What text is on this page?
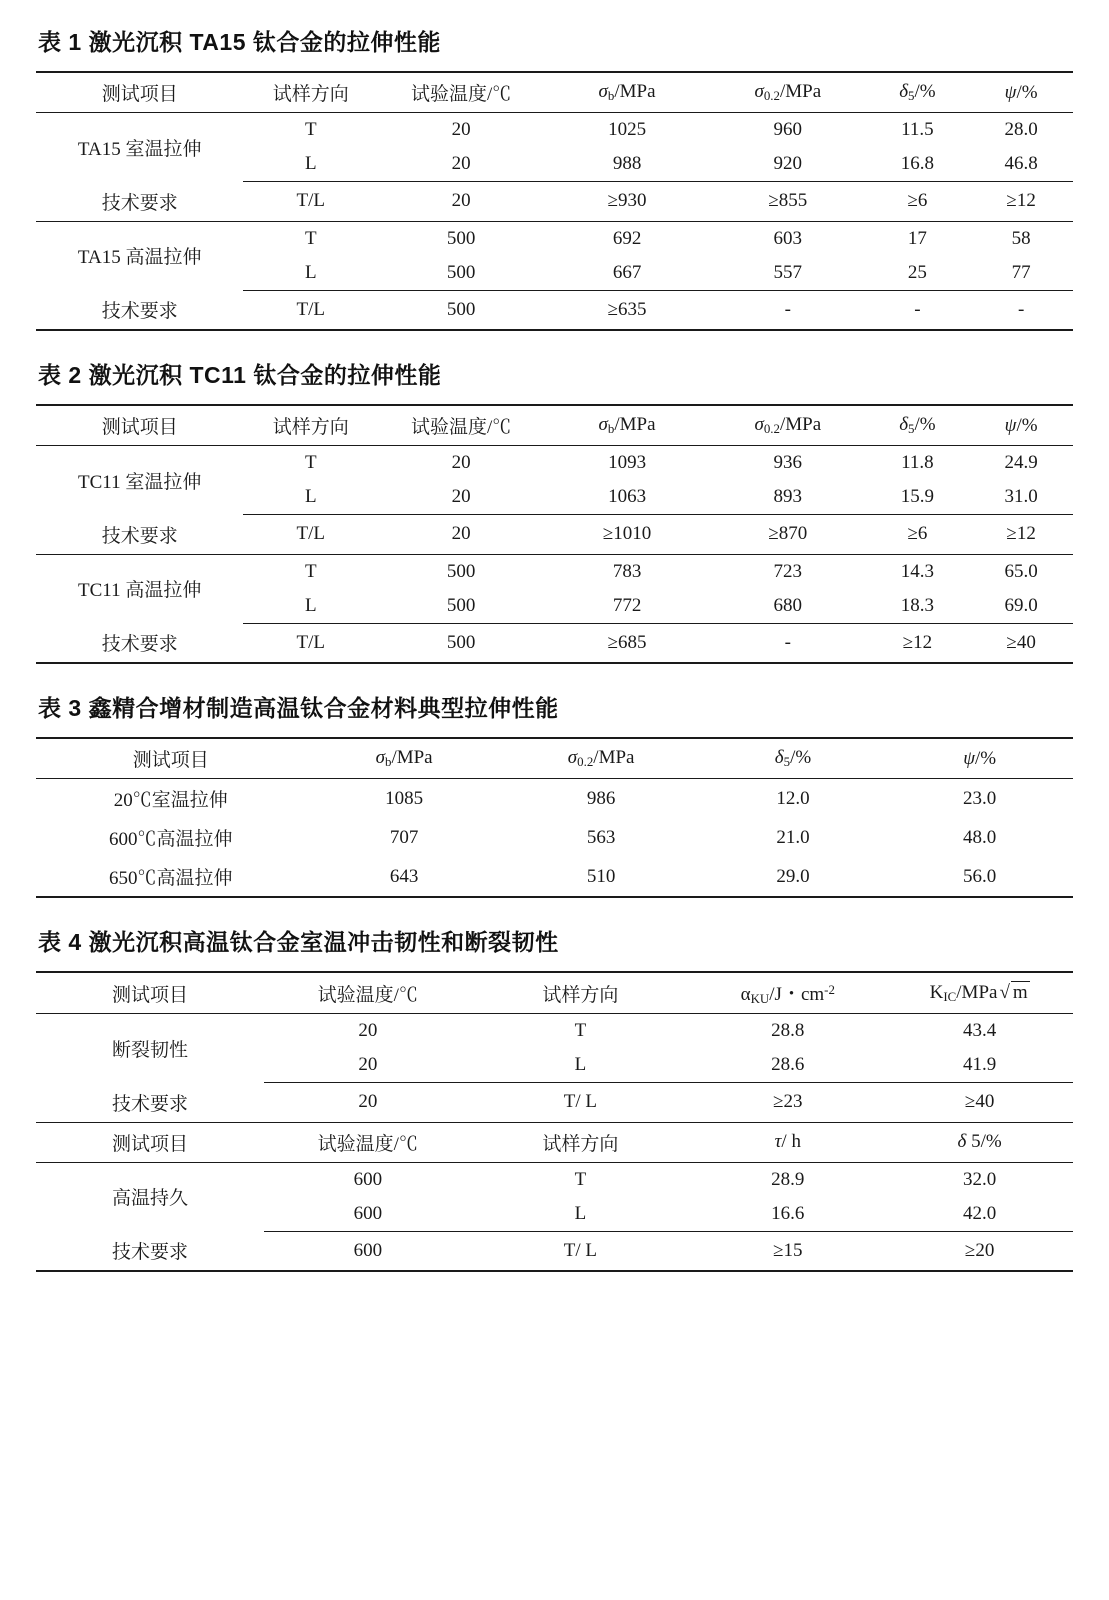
表 1 激光沉积 TA15 钛合金的拉伸性能
测试项目	试样方向	试验温度/℃	$\sigma_b$/MPa	$\sigma_{0.2}$/MPa	$\delta_5/\%$	ψ/%
TA15 室温拉伸	T	20	1025	960	11.5	28.0
	L	20	988	920	16.8	46.8
技术要求	T/L	20	≥930	≥855	≥6	≥12
TA15 高温拉伸	T	500	692	603	17	58
	L	500	667	557	25	77
技术要求	T/L	500	≥635	-	-	-
表 2 激光沉积 TC11 钛合金的拉伸性能
测试项目	试样方向	试验温度/℃	$\sigma_b$/MPa	$\sigma_{0.2}$/MPa	$\delta_5/\%$	ψ/%
TC11 室温拉伸	T	20	1093	936	11.8	24.9
	L	20	1063	893	15.9	31.0
技术要求	T/L	20	≥1010	≥870	≥6	≥12
TC11 高温拉伸	T	500	783	723	14.3	65.0
	L	500	772	680	18.3	69.0
技术要求	T/L	500	≥685	-	≥12	≥40
表 3 鑫精合增材制造高温钛合金材料典型拉伸性能
测试项目	$\sigma_b$/MPa	$\sigma_{0.2}$/MPa	$\delta_5/\%$	ψ/%
20℃室温拉伸	1085	986	12.0	23.0
600℃高温拉伸	707	563	21.0	48.0
650℃高温拉伸	643	510	29.0	56.0
表 4 激光沉积高温钛合金室温冲击韧性和断裂韧性
测试项目	试验温度/℃	试样方向	$\alpha_{KU}/J$・$cm^{-2}$	$K_{IC}$/MPa √ m
断裂韧性	20	T	28.8	43.4
	20	L	28.6	41.9
技术要求	20	T/ L	≥23	≥40
测试项目	试验温度/℃	试样方向	τ/ h	δ 5/%
高温持久	600	T	28.9	32.0
	600	L	16.6	42.0
技术要求	600	T/ L	≥15	≥20
